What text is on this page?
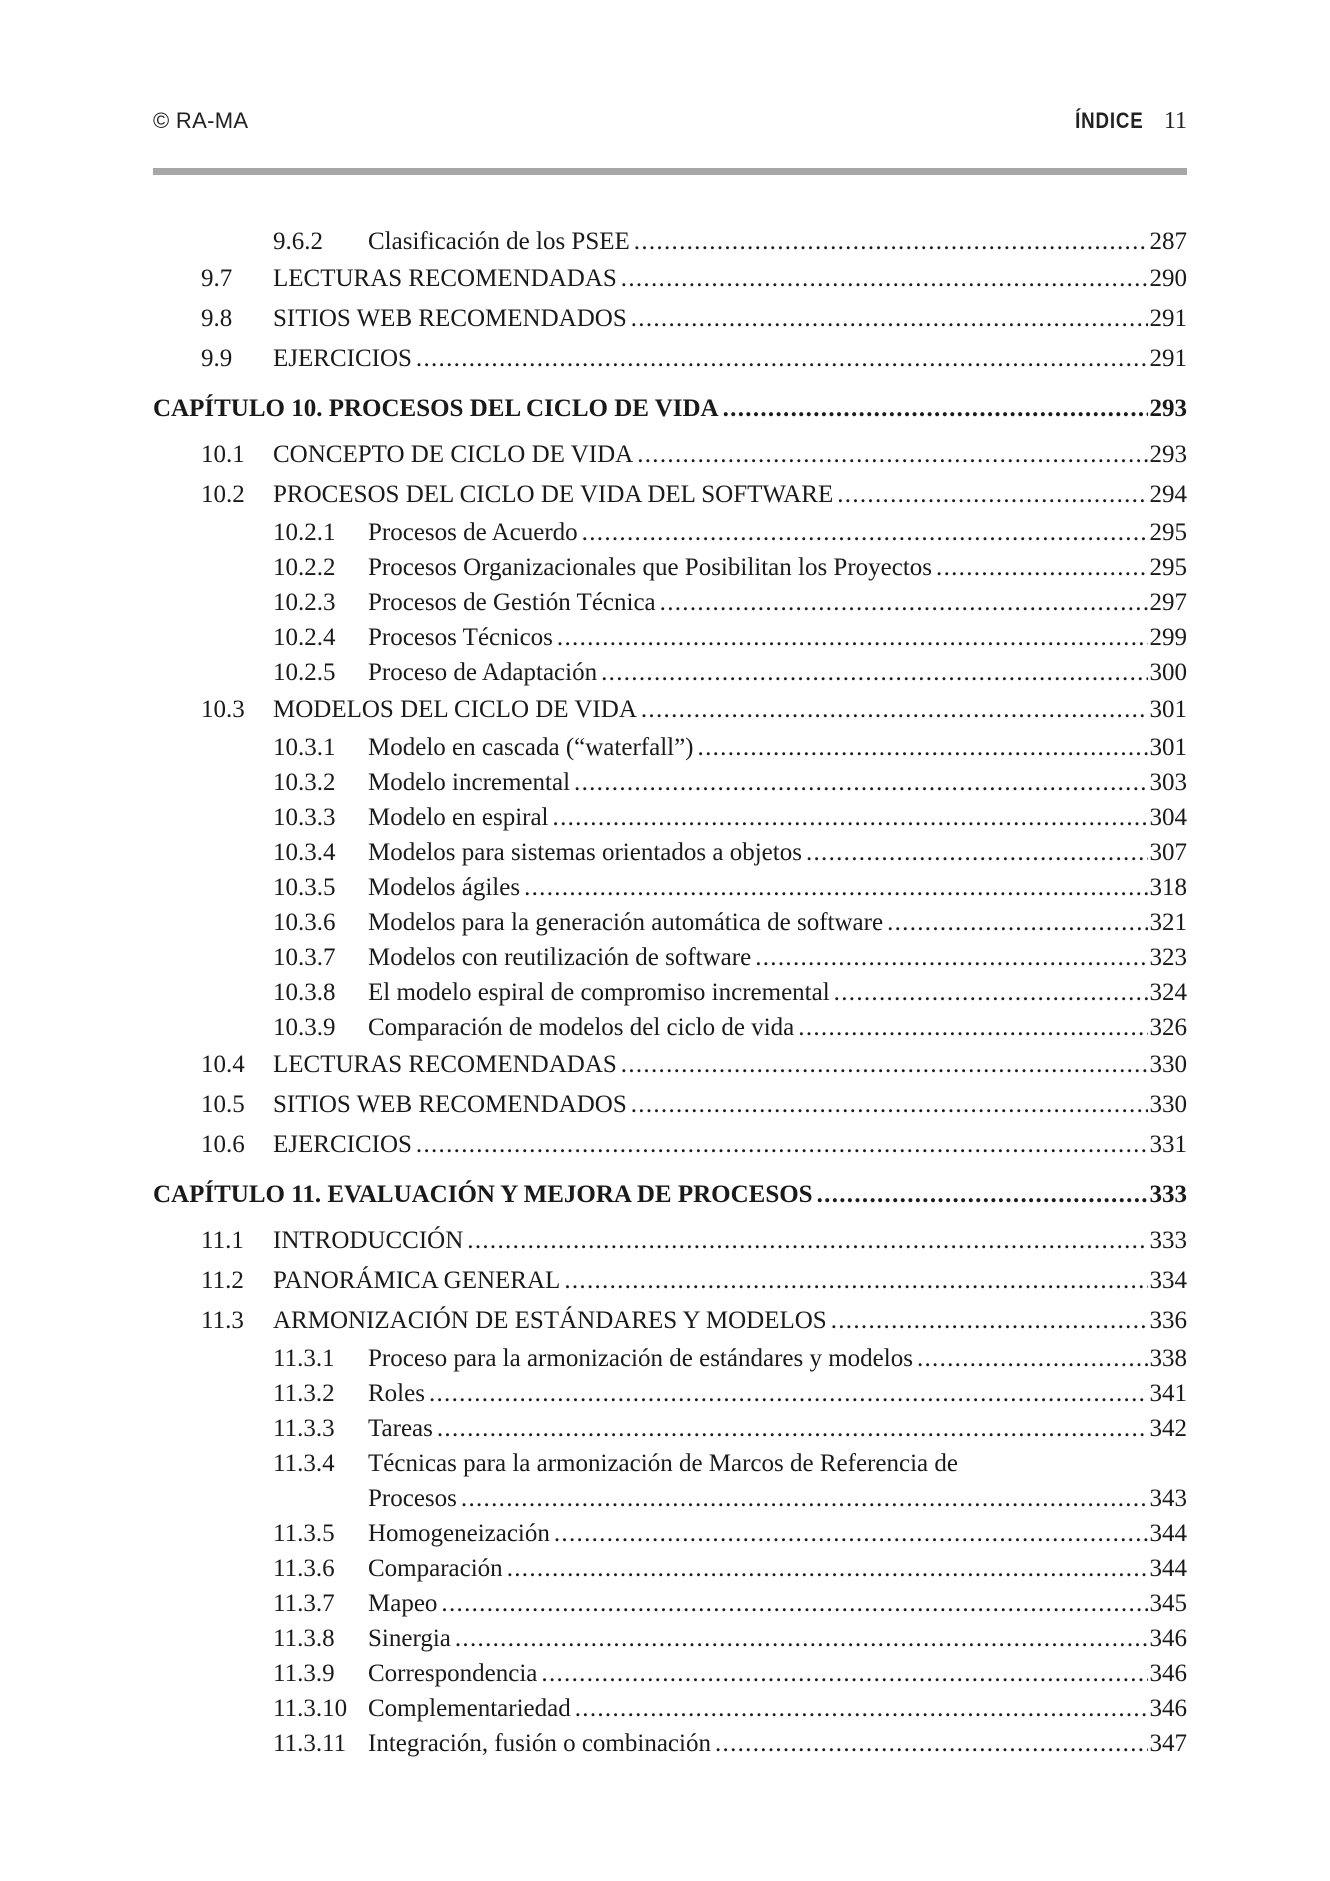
© RA-MA	ÍNDICE 11
9.6.2 Clasificación de los PSEE .....	287
9.7 LECTURAS RECOMENDADAS .....	290
9.8 SITIOS WEB RECOMENDADOS .....	291
9.9 EJERCICIOS .....	291
CAPÍTULO 10. PROCESOS DEL CICLO DE VIDA .....	293
10.1 CONCEPTO DE CICLO DE VIDA .....	293
10.2 PROCESOS DEL CICLO DE VIDA DEL SOFTWARE .....	294
10.2.1 Procesos de Acuerdo .....	295
10.2.2 Procesos Organizacionales que Posibilitan los Proyectos .....	295
10.2.3 Procesos de Gestión Técnica .....	297
10.2.4 Procesos Técnicos .....	299
10.2.5 Proceso de Adaptación .....	300
10.3 MODELOS DEL CICLO DE VIDA .....	301
10.3.1 Modelo en cascada (“waterfall”) .....	301
10.3.2 Modelo incremental .....	303
10.3.3 Modelo en espiral .....	304
10.3.4 Modelos para sistemas orientados a objetos .....	307
10.3.5 Modelos ágiles .....	318
10.3.6 Modelos para la generación automática de software .....	321
10.3.7 Modelos con reutilización de software .....	323
10.3.8 El modelo espiral de compromiso incremental .....	324
10.3.9 Comparación de modelos del ciclo de vida .....	326
10.4 LECTURAS RECOMENDADAS .....	330
10.5 SITIOS WEB RECOMENDADOS .....	330
10.6 EJERCICIOS .....	331
CAPÍTULO 11. EVALUACIÓN Y MEJORA DE PROCESOS .....	333
11.1 INTRODUCCIÓN .....	333
11.2 PANORÁMICA GENERAL .....	334
11.3 ARMONIZACIÓN DE ESTÁNDARES Y MODELOS .....	336
11.3.1 Proceso para la armonización de estándares y modelos .....	338
11.3.2 Roles .....	341
11.3.3 Tareas .....	342
11.3.4 Técnicas para la armonización de Marcos de Referencia de
Procesos .....	343
11.3.5 Homogeneización .....	344
11.3.6 Comparación .....	344
11.3.7 Mapeo .....	345
11.3.8 Sinergia .....	346
11.3.9 Correspondencia .....	346
11.3.10 Complementariedad .....	346
11.3.11 Integración, fusión o combinación .....	347
